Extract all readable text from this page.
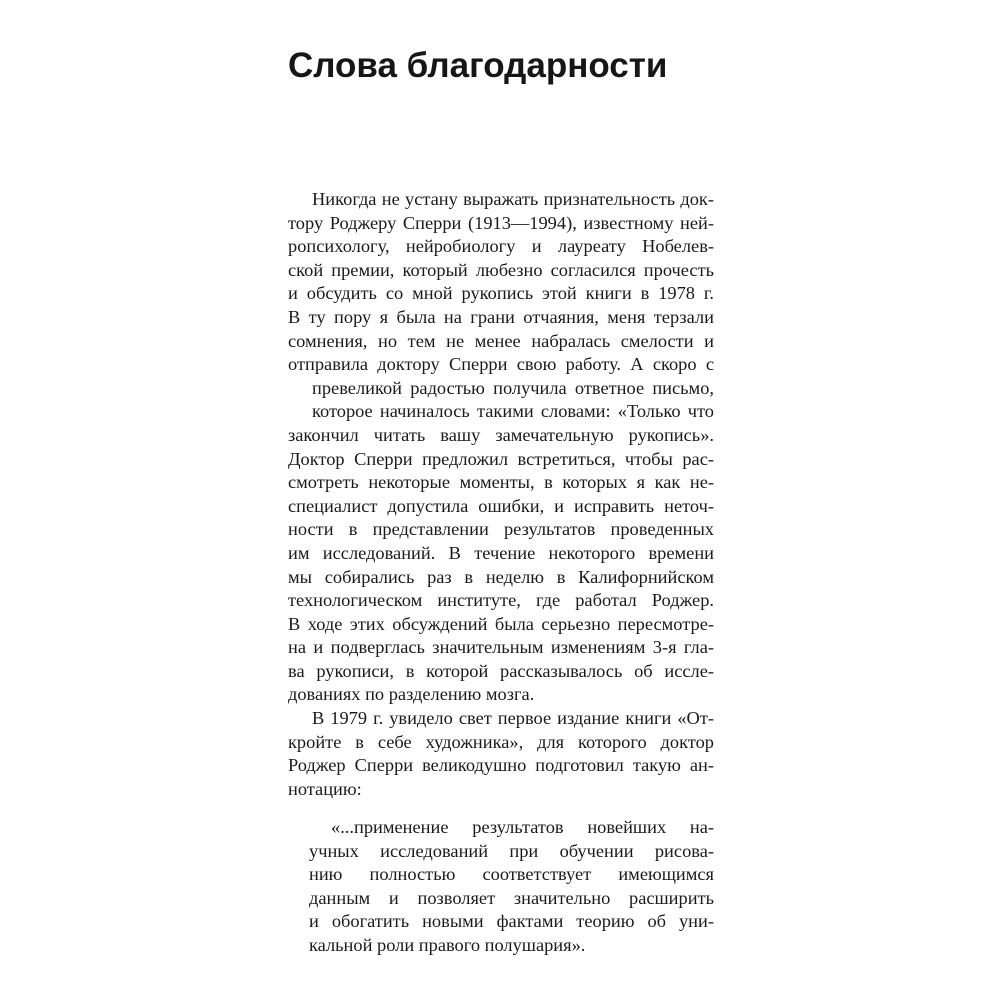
Слова благодарности
Никогда не устану выражать признательность док-
тору Роджеру Сперри (1913—1994), известному ней-
ропсихологу, нейробиологу и лауреату Нобелев-
ской премии, который любезно согласился прочесть
и обсудить со мной рукопись этой книги в 1978 г.
В ту пору я была на грани отчаяния, меня терзали
сомнения, но тем не менее набралась смелости и
отправила доктору Сперри свою работу. А скоро с
превеликой радостью получила ответное письмо,
которое начиналось такими словами: «Только что
закончил читать вашу замечательную рукопись».
Доктор Сперри предложил встретиться, чтобы рас-
смотреть некоторые моменты, в которых я как не-
специалист допустила ошибки, и исправить неточ-
ности в представлении результатов проведенных
им исследований. В течение некоторого времени
мы собирались раз в неделю в Калифорнийском
технологическом институте, где работал Роджер.
В ходе этих обсуждений была серьезно пересмотре-
на и подверглась значительным изменениям 3-я гла-
ва рукописи, в которой рассказывалось об иссле-
дованиях по разделению мозга.
В 1979 г. увидело свет первое издание книги «От-
кройте в себе художника», для которого доктор
Роджер Сперри великодушно подготовил такую ан-
нотацию:
«...применение результатов новейших на-
учных исследований при обучении рисова-
нию полностью соответствует имеющимся
данным и позволяет значительно расширить
и обогатить новыми фактами теорию об уни-
кальной роли правого полушария».
